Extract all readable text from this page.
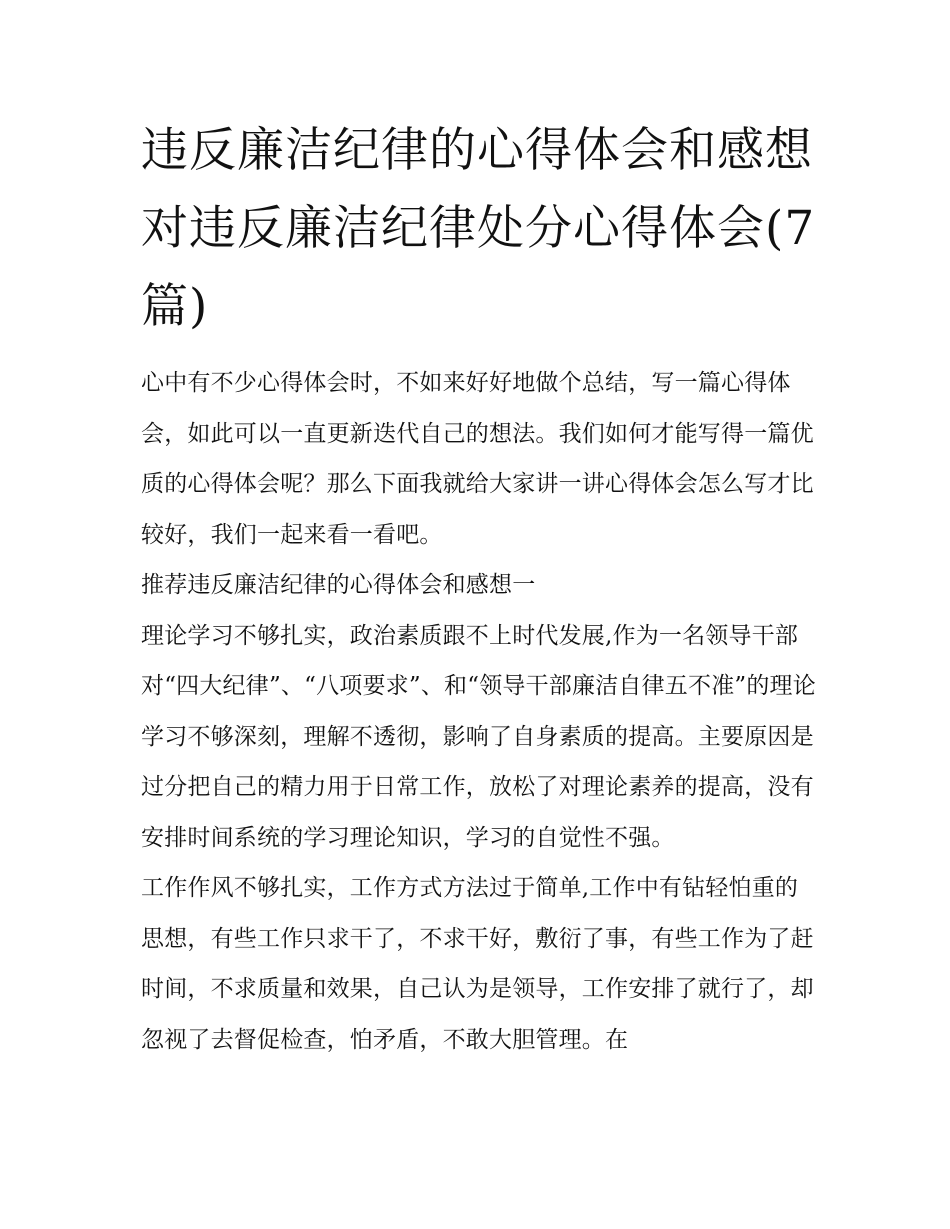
违反廉洁纪律的心得体会和感想 对违反廉洁纪律处分心得体会(7篇)

心中有不少心得体会时，不如来好好地做个总结，写一篇心得体会，如此可以一直更新迭代自己的想法。我们如何才能写得一篇优质的心得体会呢？那么下面我就给大家讲一讲心得体会怎么写才比较好，我们一起来看一看吧。

推荐违反廉洁纪律的心得体会和感想一

理论学习不够扎实，政治素质跟不上时代发展,作为一名领导干部对“四大纪律”、“八项要求”、和“领导干部廉洁自律五不准”的理论学习不够深刻，理解不透彻，影响了自身素质的提高。主要原因是过分把自己的精力用于日常工作，放松了对理论素养的提高，没有安排时间系统的学习理论知识，学习的自觉性不强。

工作作风不够扎实，工作方式方法过于简单,工作中有钻轻怕重的思想，有些工作只求干了，不求干好，敷衍了事，有些工作为了赶时间，不求质量和效果，自己认为是领导，工作安排了就行了，却忽视了去督促检查，怕矛盾，不敢大胆管理。在
